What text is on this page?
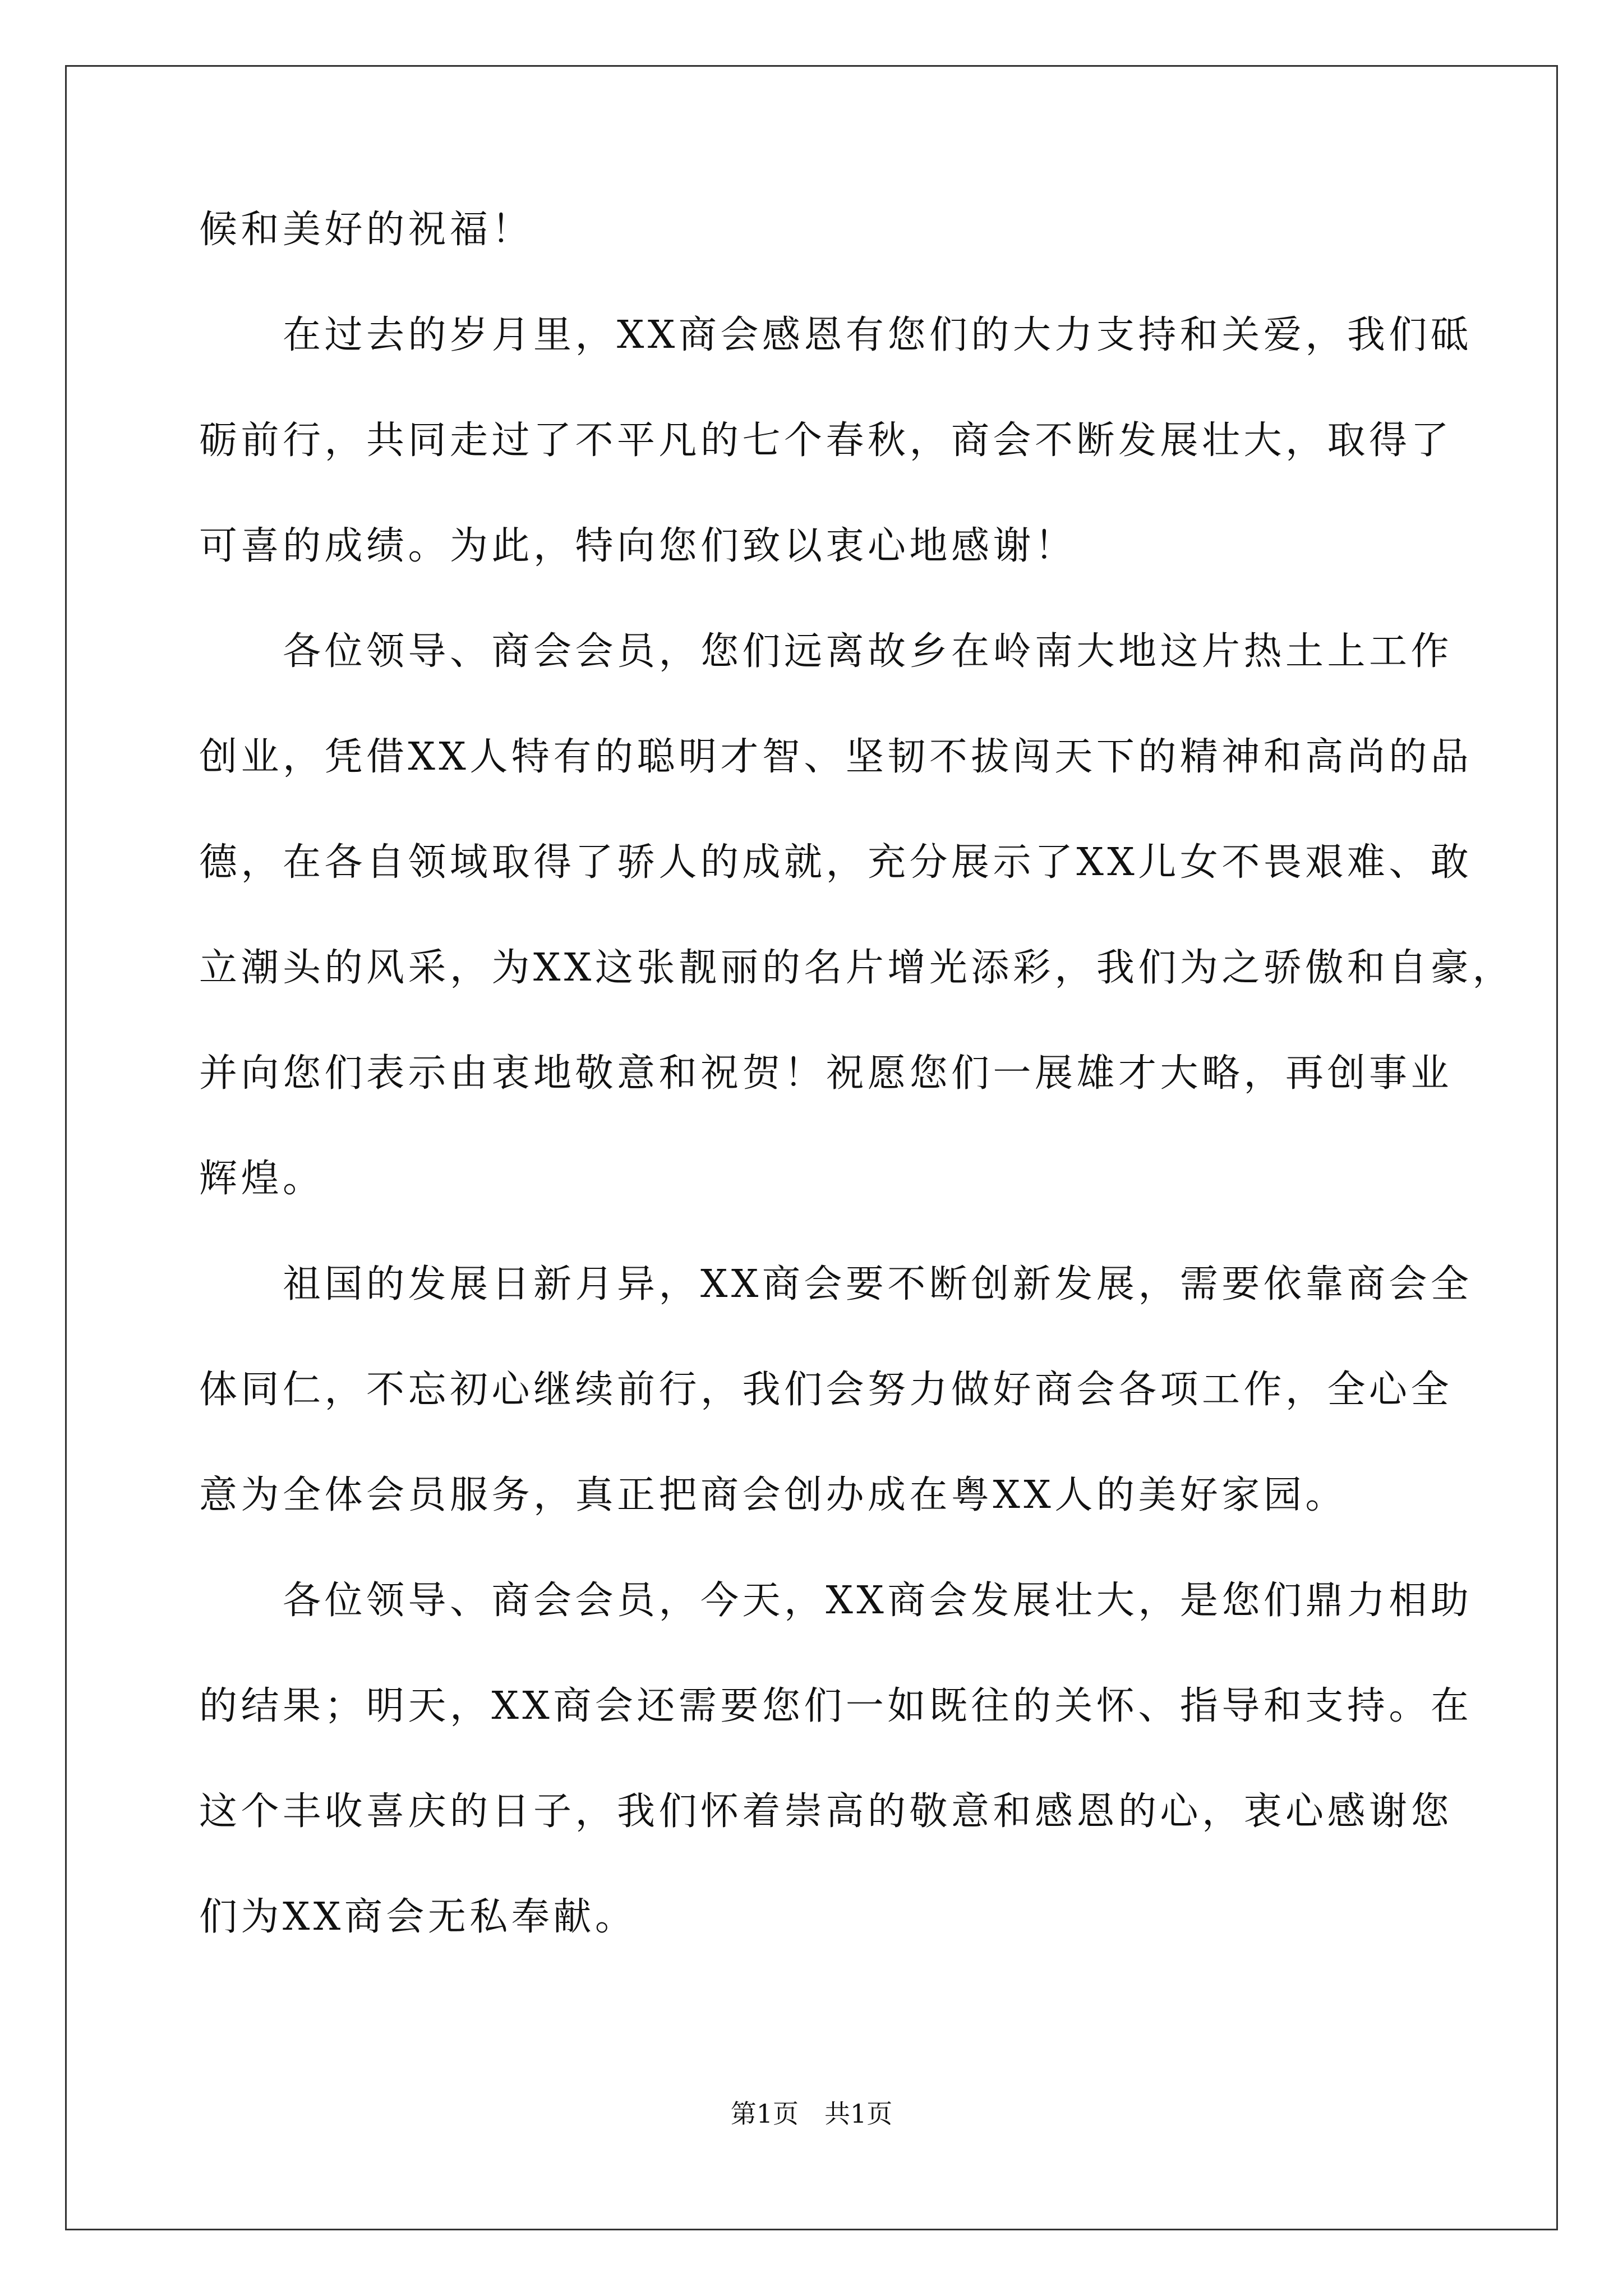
候和美好的祝福！
在过去的岁月里，XX商会感恩有您们的大力支持和关爱，我们砥
砺前行，共同走过了不平凡的七个春秋，商会不断发展壮大，取得了
可喜的成绩。为此，特向您们致以衷心地感谢！
各位领导、商会会员，您们远离故乡在岭南大地这片热土上工作
创业，凭借XX人特有的聪明才智、坚韧不拔闯天下的精神和高尚的品
德，在各自领域取得了骄人的成就，充分展示了XX儿女不畏艰难、敢
立潮头的风采，为XX这张靓丽的名片增光添彩，我们为之骄傲和自豪，
并向您们表示由衷地敬意和祝贺！祝愿您们一展雄才大略，再创事业
辉煌。
祖国的发展日新月异，XX商会要不断创新发展，需要依靠商会全
体同仁，不忘初心继续前行，我们会努力做好商会各项工作，全心全
意为全体会员服务，真正把商会创办成在粤XX人的美好家园。
各位领导、商会会员，今天，XX商会发展壮大，是您们鼎力相助
的结果；明天，XX商会还需要您们一如既往的关怀、指导和支持。在
这个丰收喜庆的日子，我们怀着崇高的敬意和感恩的心，衷心感谢您
们为XX商会无私奉献。
第1页　共1页
